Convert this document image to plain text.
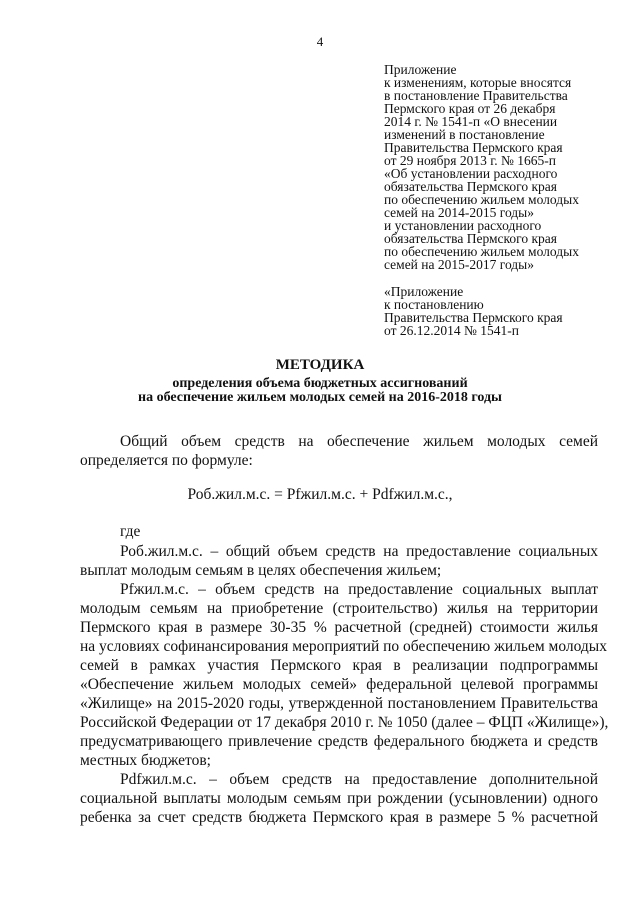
4
Приложение
к изменениям, которые вносятся
в постановление Правительства
Пермского края от 26 декабря
2014 г. № 1541-п «О внесении
изменений в постановление
Правительства Пермского края
от 29 ноября 2013 г. № 1665-п
«Об установлении расходного
обязательства Пермского края
по обеспечению жильем молодых
семей на 2014-2015 годы»
и установлении расходного
обязательства Пермского края
по обеспечению жильем молодых
семей на 2015-2017 годы»
«Приложение
к постановлению
Правительства Пермского края
от 26.12.2014 № 1541-п
МЕТОДИКА
определения объема бюджетных ассигнований
на обеспечение жильем молодых семей на 2016-2018 годы
Общий объем средств на обеспечение жильем молодых семей
определяется по формуле:
Роб.жил.м.с. = Pfжил.м.с. + Pdfжил.м.с.,
где
Роб.жил.м.с. – общий объем средств на предоставление социальных
выплат молодым семьям в целях обеспечения жильем;
Pfжил.м.с. – объем средств на предоставление социальных выплат
молодым семьям на приобретение (строительство) жилья на территории
Пермского края в размере 30-35 % расчетной (средней) стоимости жилья
на условиях софинансирования мероприятий по обеспечению жильем молодых
семей в рамках участия Пермского края в реализации подпрограммы
«Обеспечение жильем молодых семей» федеральной целевой программы
«Жилище» на 2015-2020 годы, утвержденной постановлением Правительства
Российской Федерации от 17 декабря 2010 г. № 1050 (далее – ФЦП «Жилище»),
предусматривающего привлечение средств федерального бюджета и средств
местных бюджетов;
Pdfжил.м.с. – объем средств на предоставление дополнительной
социальной выплаты молодым семьям при рождении (усыновлении) одного
ребенка за счет средств бюджета Пермского края в размере 5 % расчетной
